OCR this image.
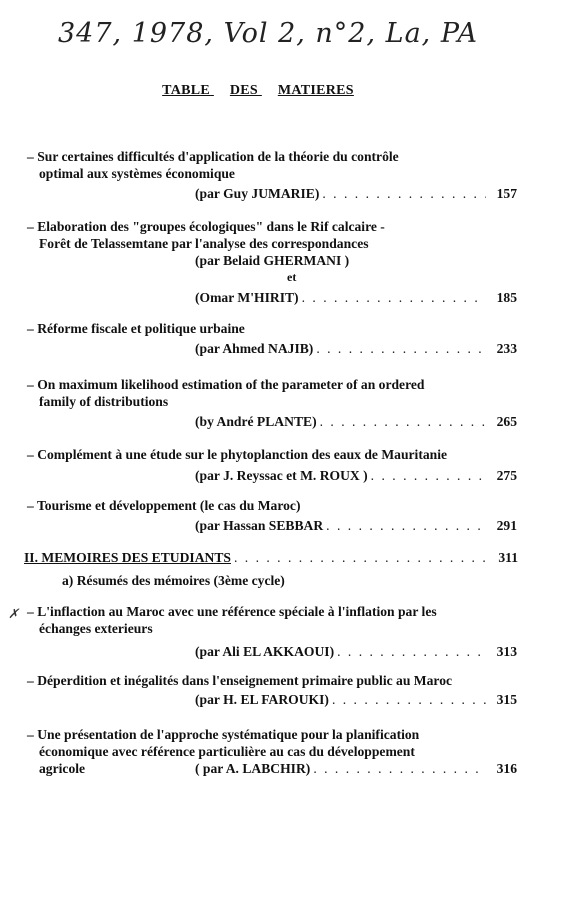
347, 1978, Vol 2, n°2, La, PA
TABLE DES MATIERES
– Sur certaines difficultés d'application de la théorie du contrôle
optimal aux systèmes économique
(par Guy JUMARIE) . . .	157
– Elaboration des "groupes écologiques" dans le Rif calcaire -
Forêt de Telassemtane par l'analyse des correspondances
(par Belaid GHERMANI )
et
(Omar M'HIRIT) . . .	185
– Réforme fiscale et politique urbaine
(par Ahmed NAJIB) . . .	233
– On maximum likelihood estimation of the parameter of an ordered
family of distributions
(by André PLANTE) . . .	265
– Complément à une étude sur le phytoplanction des eaux de Mauritanie
(par J. Reyssac et M. ROUX ) . . .	275
– Tourisme et développement (le cas du Maroc)
(par Hassan SEBBAR . . .	291
II. MEMOIRES DES ETUDIANTS . . .	311
a) Résumés des mémoires (3ème cycle)
✗ – L'inflaction au Maroc avec une référence spéciale à l'inflation par les
échanges exterieurs
(par Ali EL AKKAOUI) . . .	313
– Déperdition et inégalités dans l'enseignement primaire public au Maroc
(par H. EL FAROUKI) . . .	315
– Une présentation de l'approche systématique pour la planification
économique avec référence particulière au cas du développement
agricole	( par A. LABCHIR) . . .	316
